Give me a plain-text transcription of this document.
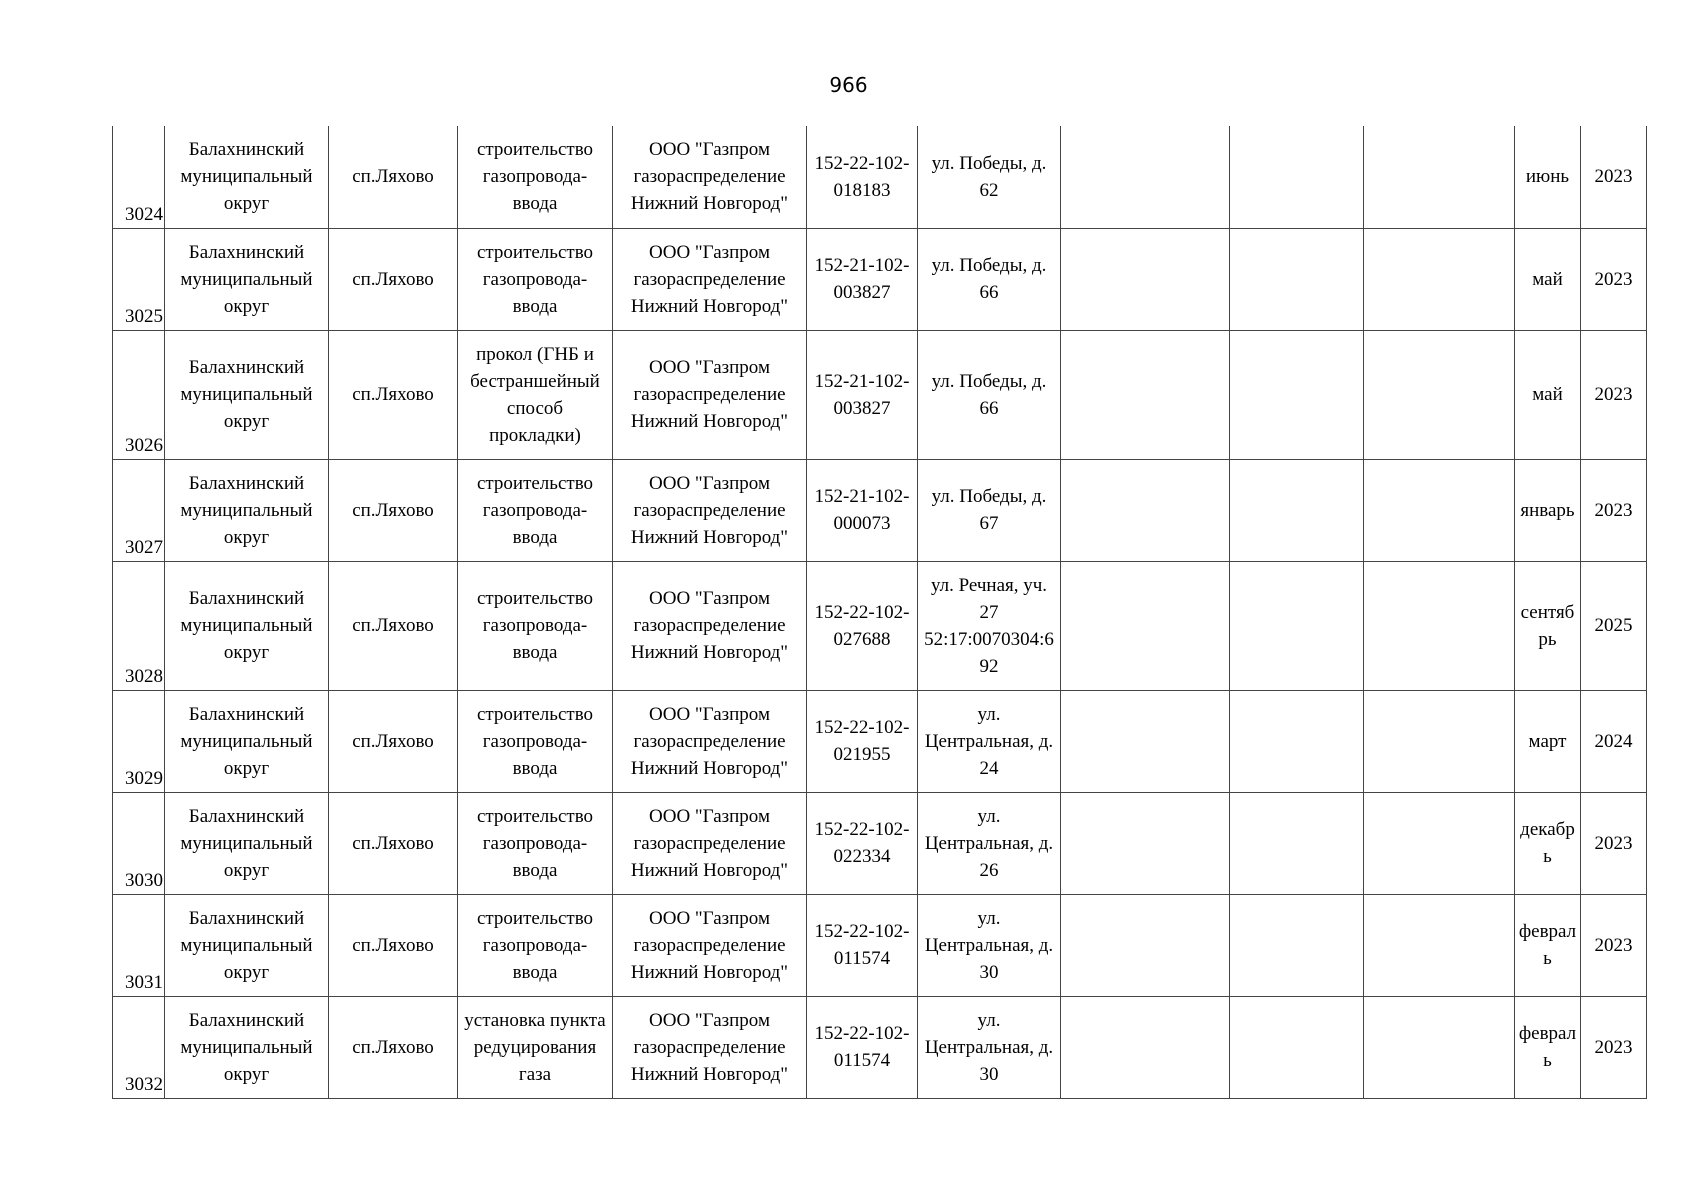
966
3024	Балахнинский
муниципальный
округ	сп.Ляхово	строительство
газопровода-
ввода	ООО "Газпром
газораспределение
Нижний Новгород"	152-22-102-
018183	ул. Победы, д.
62				июнь	2023
3025	Балахнинский
муниципальный
округ	сп.Ляхово	строительство
газопровода-
ввода	ООО "Газпром
газораспределение
Нижний Новгород"	152-21-102-
003827	ул. Победы, д.
66				май	2023
3026	Балахнинский
муниципальный
округ	сп.Ляхово	прокол (ГНБ и
бестраншейный
способ
прокладки)	ООО "Газпром
газораспределение
Нижний Новгород"	152-21-102-
003827	ул. Победы, д.
66				май	2023
3027	Балахнинский
муниципальный
округ	сп.Ляхово	строительство
газопровода-
ввода	ООО "Газпром
газораспределение
Нижний Новгород"	152-21-102-
000073	ул. Победы, д.
67				январь	2023
3028	Балахнинский
муниципальный
округ	сп.Ляхово	строительство
газопровода-
ввода	ООО "Газпром
газораспределение
Нижний Новгород"	152-22-102-
027688	ул. Речная, уч.
27
52:17:0070304:6
92				сентяб
рь	2025
3029	Балахнинский
муниципальный
округ	сп.Ляхово	строительство
газопровода-
ввода	ООО "Газпром
газораспределение
Нижний Новгород"	152-22-102-
021955	ул.
Центральная, д.
24				март	2024
3030	Балахнинский
муниципальный
округ	сп.Ляхово	строительство
газопровода-
ввода	ООО "Газпром
газораспределение
Нижний Новгород"	152-22-102-
022334	ул.
Центральная, д.
26				декабр
ь	2023
3031	Балахнинский
муниципальный
округ	сп.Ляхово	строительство
газопровода-
ввода	ООО "Газпром
газораспределение
Нижний Новгород"	152-22-102-
011574	ул.
Центральная, д.
30				феврал
ь	2023
3032	Балахнинский
муниципальный
округ	сп.Ляхово	установка пункта
редуцирования
газа	ООО "Газпром
газораспределение
Нижний Новгород"	152-22-102-
011574	ул.
Центральная, д.
30				феврал
ь	2023
